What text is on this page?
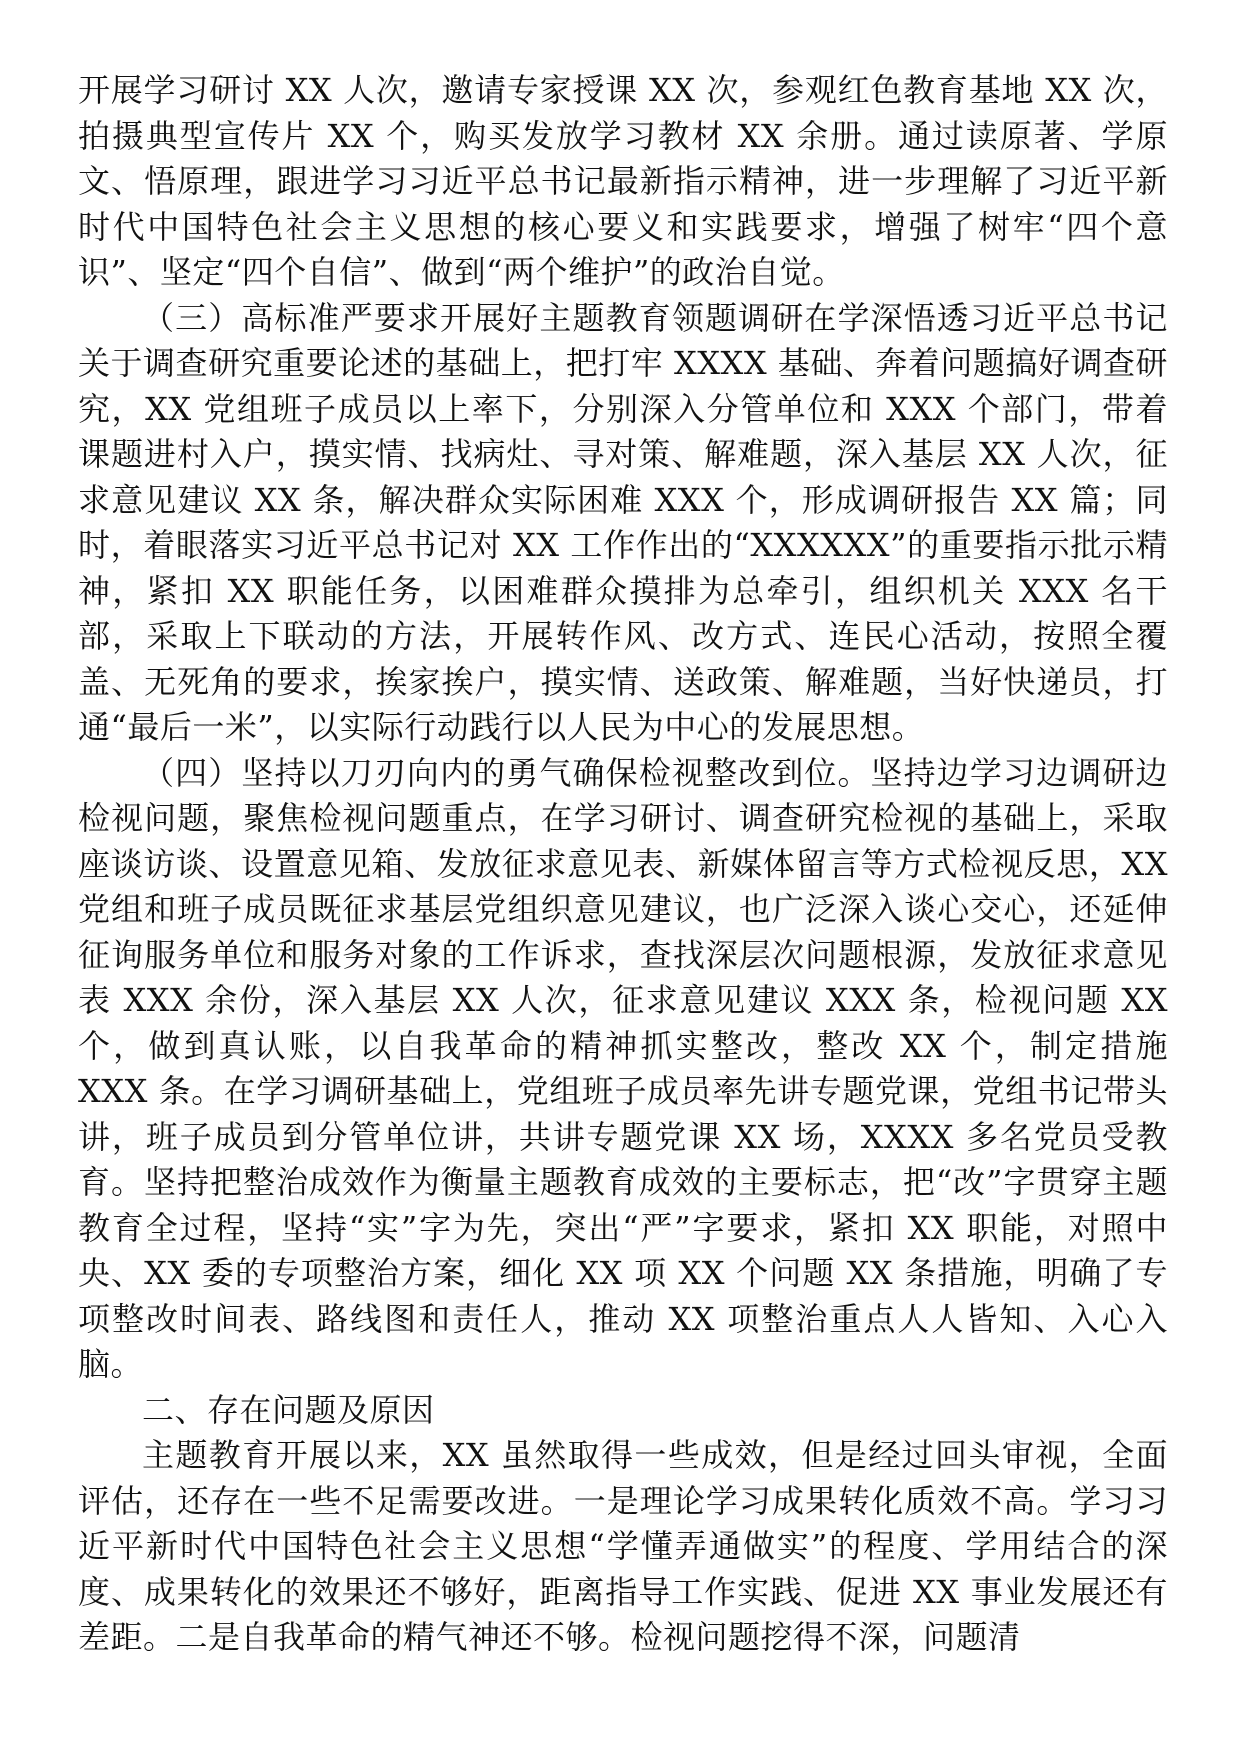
开展学习研讨 XX 人次，邀请专家授课 XX 次，参观红色教育基地 XX 次，拍摄典型宣传片 XX 个，购买发放学习教材 XX 余册。通过读原著、学原文、悟原理，跟进学习习近平总书记最新指示精神，进一步理解了习近平新时代中国特色社会主义思想的核心要义和实践要求，增强了树牢“四个意识”、坚定“四个自信”、做到“两个维护”的政治自觉。

（三）高标准严要求开展好主题教育领题调研在学深悟透习近平总书记关于调查研究重要论述的基础上，把打牢 XXXX 基础、奔着问题搞好调查研究，XX 党组班子成员以上率下，分别深入分管单位和 XXX 个部门，带着课题进村入户，摸实情、找病灶、寻对策、解难题，深入基层 XX 人次，征求意见建议 XX 条，解决群众实际困难 XXX 个，形成调研报告 XX 篇；同时，着眼落实习近平总书记对 XX 工作作出的“XXXXXX”的重要指示批示精神，紧扣 XX 职能任务，以困难群众摸排为总牵引，组织机关 XXX 名干部，采取上下联动的方法，开展转作风、改方式、连民心活动，按照全覆盖、无死角的要求，挨家挨户，摸实情、送政策、解难题，当好快递员，打通“最后一米”，以实际行动践行以人民为中心的发展思想。

（四）坚持以刀刃向内的勇气确保检视整改到位。坚持边学习边调研边检视问题，聚焦检视问题重点，在学习研讨、调查研究检视的基础上，采取座谈访谈、设置意见箱、发放征求意见表、新媒体留言等方式检视反思，XX 党组和班子成员既征求基层党组织意见建议，也广泛深入谈心交心，还延伸征询服务单位和服务对象的工作诉求，查找深层次问题根源，发放征求意见表 XXX 余份，深入基层 XX 人次，征求意见建议 XXX 条，检视问题 XX 个，做到真认账，以自我革命的精神抓实整改，整改 XX 个，制定措施 XXX 条。在学习调研基础上，党组班子成员率先讲专题党课，党组书记带头讲，班子成员到分管单位讲，共讲专题党课 XX 场，XXXX 多名党员受教育。坚持把整治成效作为衡量主题教育成效的主要标志，把“改”字贯穿主题教育全过程，坚持“实”字为先，突出“严”字要求，紧扣 XX 职能，对照中央、XX 委的专项整治方案，细化 XX 项 XX 个问题 XX 条措施，明确了专项整改时间表、路线图和责任人，推动 XX 项整治重点人人皆知、入心入脑。

二、存在问题及原因

主题教育开展以来，XX 虽然取得一些成效，但是经过回头审视，全面评估，还存在一些不足需要改进。一是理论学习成果转化质效不高。学习习近平新时代中国特色社会主义思想“学懂弄通做实”的程度、学用结合的深度、成果转化的效果还不够好，距离指导工作实践、促进 XX 事业发展还有差距。二是自我革命的精气神还不够。检视问题挖得不深，问题清
